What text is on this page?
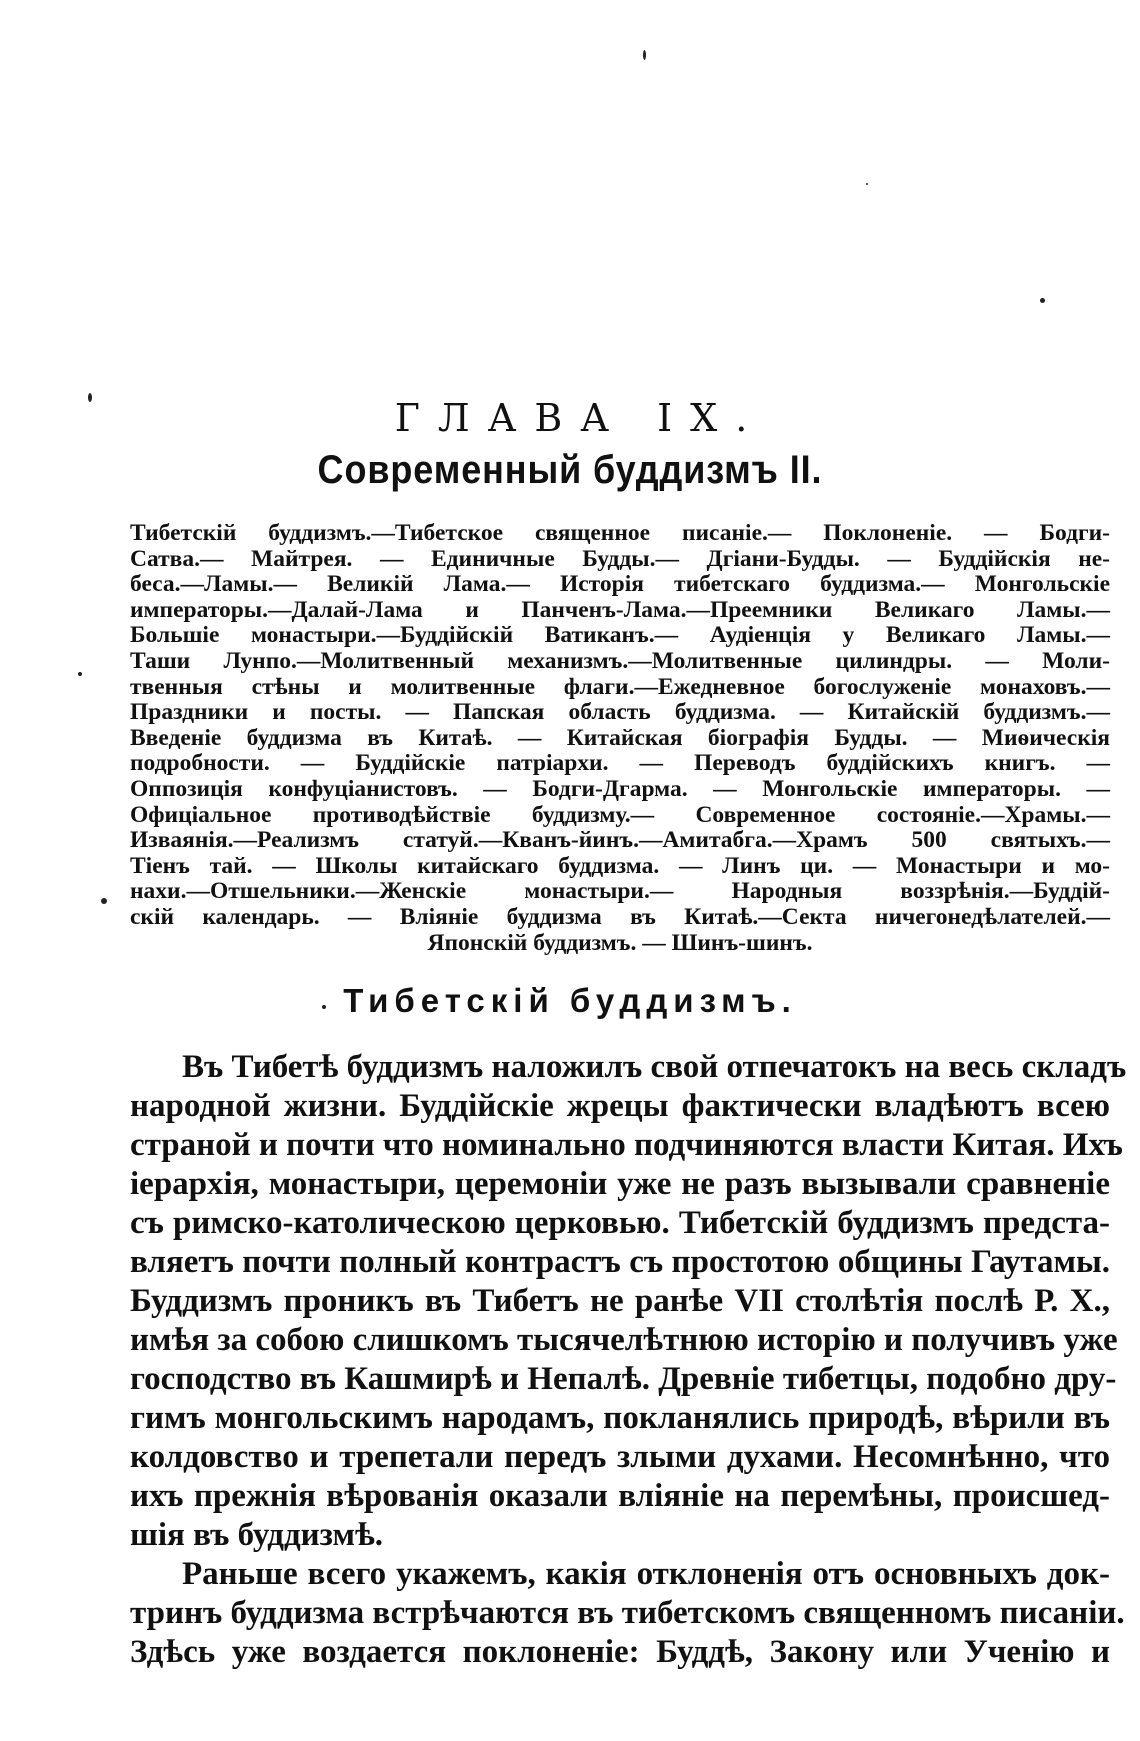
ГЛАВА IX.
Современный буддизмъ II.
Тибетскій буддизмъ.—Тибетское священное писаніе.— Поклоненіе. — Бодги-
Сатва.— Майтрея. — Единичные Будды.— Дгіани-Будды. — Буддійскія не-
беса.—Ламы.— Великій Лама.— Исторія тибетскаго буддизма.— Монгольскіе
императоры.—Далай-Лама и Панченъ-Лама.—Преемники Великаго Ламы.—
Большіе монастыри.—Буддійскій Ватиканъ.— Аудіенція у Великаго Ламы.—
Таши Лунпо.—Молитвенный механизмъ.—Молитвенные цилиндры. — Моли-
твенныя стѣны и молитвенные флаги.—Ежедневное богослуженіе монаховъ.—
Праздники и посты. — Папская область буддизма. — Китайскій буддизмъ.—
Введеніе буддизма въ Китаѣ. — Китайская біографія Будды. — Миѳическія
подробности. — Буддійскіе патріархи. — Переводъ буддійскихъ книгъ. —
Оппозиція конфуціанистовъ. — Бодги-Дгарма. — Монгольскіе императоры. —
Офиціальное противодѣйствіе буддизму.— Современное состояніе.—Храмы.—
Изваянія.—Реализмъ статуй.—Кванъ-йинъ.—Амитабга.—Храмъ 500 святыхъ.—
Тіенъ тай. — Школы китайскаго буддизма. — Линъ ци. — Монастыри и мо-
нахи.—Отшельники.—Женскіе монастыри.— Народныя воззрѣнія.—Буддій-
скій календарь. — Вліяніе буддизма въ Китаѣ.—Секта ничегонедѣлателей.—
Японскій буддизмъ. — Шинъ-шинъ.
Тибетскій буддизмъ.
Въ Тибетѣ буддизмъ наложилъ свой отпечатокъ на весь складъ
народной жизни. Буддійскіе жрецы фактически владѣютъ всею
страной и почти что номинально подчиняются власти Китая. Ихъ
іерархія, монастыри, церемоніи уже не разъ вызывали сравненіе
съ римско-католическою церковью. Тибетскій буддизмъ предста-
вляетъ почти полный контрастъ съ простотою общины Гаутамы.
Буддизмъ проникъ въ Тибетъ не ранѣе VII столѣтія послѣ Р. Х.,
имѣя за собою слишкомъ тысячелѣтнюю исторію и получивъ уже
господство въ Кашмирѣ и Непалѣ. Древніе тибетцы, подобно дру-
гимъ монгольскимъ народамъ, покланялись природѣ, вѣрили въ
колдовство и трепетали передъ злыми духами. Несомнѣнно, что
ихъ прежнія вѣрованія оказали вліяніе на перемѣны, происшед-
шія въ буддизмѣ.
Раньше всего укажемъ, какія отклоненія отъ основныхъ док-
тринъ буддизма встрѣчаются въ тибетскомъ священномъ писаніи.
Здѣсь уже воздается поклоненіе: Буддѣ, Закону или Ученію и
